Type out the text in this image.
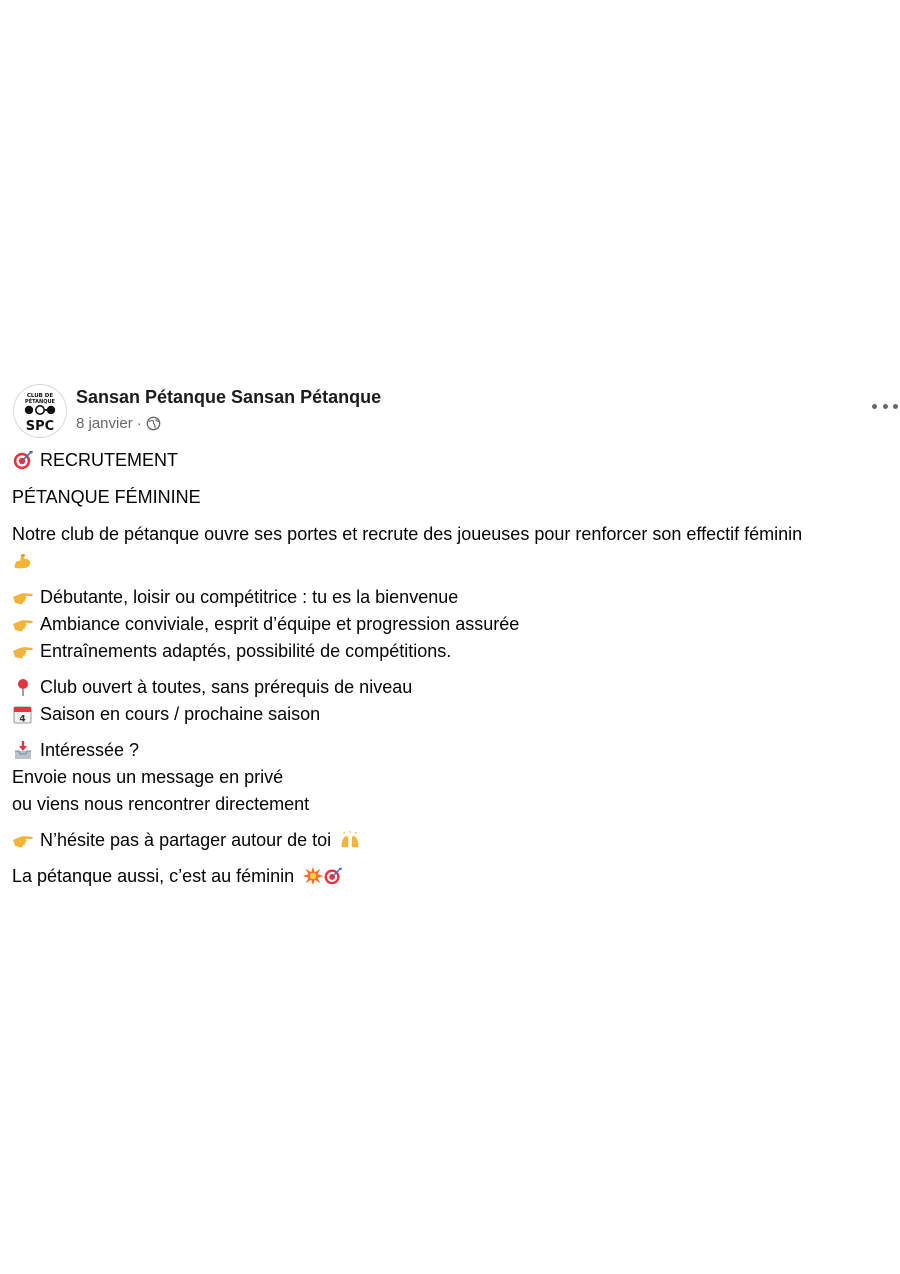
CLUB DE
PÉTANQUE
SPC
Sansan Pétanque Sansan Pétanque
8 janvier ·

RECRUTEMENT

PÉTANQUE FÉMININE

Notre club de pétanque ouvre ses portes et recrute des joueuses pour renforcer son effectif féminin

Débutante, loisir ou compétitrice : tu es la bienvenue

Ambiance conviviale, esprit d’équipe et progression assurée

Entraînements adaptés, possibilité de compétitions.

Club ouvert à toutes, sans prérequis de niveau

4 Saison en cours / prochaine saison

Intéressée ?

Envoie nous un message en privé

ou viens nous rencontrer directement

N’hésite pas à partager autour de toi

La pétanque aussi, c’est au féminin
